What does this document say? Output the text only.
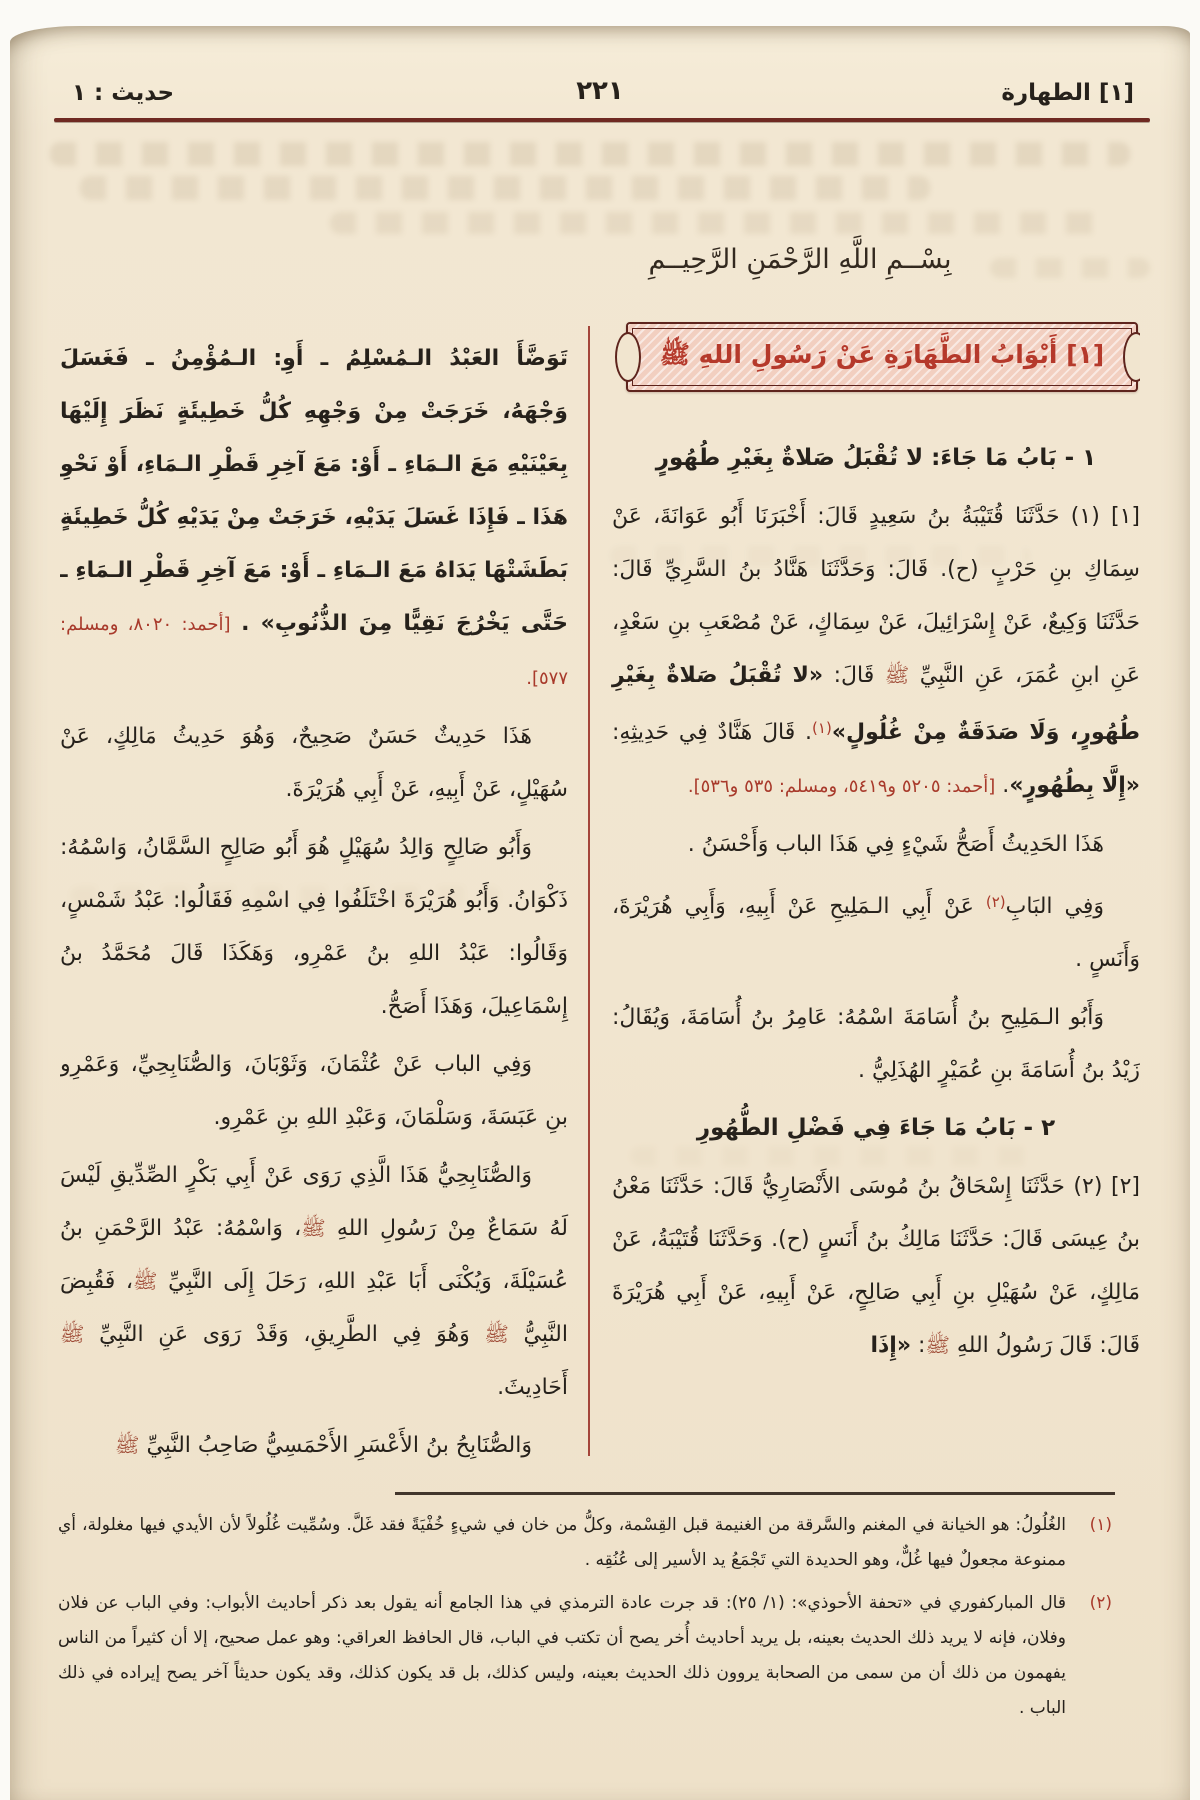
[١] الطهارة
٢٢١
حديث : ١
بِسْــمِ اللَّهِ الرَّحْمَنِ الرَّحِيــمِ
[١] أَبْوَابُ الطَّهَارَةِ عَنْ رَسُولِ اللهِ ﷺ
١ - بَابُ مَا جَاءَ: لا تُقْبَلُ صَلاةٌ بِغَيْرِ طُهُورٍ

[١] (١) حَدَّثَنَا قُتَيْبَةُ بنُ سَعِيدٍ قَالَ: أَخْبَرَنَا أَبُو عَوَانَةَ، عَنْ سِمَاكِ بنِ حَرْبٍ (ح). قَالَ: وَحَدَّثَنَا هَنَّادُ بنُ السَّرِيِّ قَالَ: حَدَّثَنَا وَكِيعٌ، عَنْ إِسْرَائِيلَ، عَنْ سِمَاكٍ، عَنْ مُصْعَبِ بنِ سَعْدٍ، عَنِ ابنِ عُمَرَ، عَنِ النَّبِيِّ ﷺ قَالَ: «لا تُقْبَلُ صَلاةٌ بِغَيْرِ طُهُورٍ، وَلَا صَدَقَةٌ مِنْ غُلُولٍ»$^{(١)}$. قَالَ هَنَّادٌ فِي حَدِيثِهِ: «إِلَّا بِطُهُورٍ». [أحمد: ٥٢٠٥ و٥٤١٩، ومسلم: ٥٣٥ و٥٣٦].

هَذَا الحَدِيثُ أَصَحُّ شَيْءٍ فِي هَذَا الباب وَأَحْسَنُ .

وَفِي البَابِ$^{(٢)}$ عَنْ أَبِي الـمَلِيحِ عَنْ أَبِيهِ، وَأَبِي هُرَيْرَةَ، وَأَنَسٍ .

وَأَبُو الـمَلِيحِ بنُ أُسَامَةَ اسْمُهُ: عَامِرُ بنُ أُسَامَةَ، وَيُقَالُ: زَيْدُ بنُ أُسَامَةَ بنِ عُمَيْرٍ الهُذَلِيُّ .

٢ - بَابُ مَا جَاءَ فِي فَضْلِ الطُّهُورِ

[٢] (٢) حَدَّثَنَا إِسْحَاقُ بنُ مُوسَى الأَنْصَارِيُّ قَالَ: حَدَّثَنَا مَعْنُ بنُ عِيسَى قَالَ: حَدَّثَنَا مَالِكُ بنُ أَنَسٍ (ح). وَحَدَّثَنَا قُتَيْبَةُ، عَنْ مَالِكٍ، عَنْ سُهَيْلِ بنِ أَبِي صَالِحٍ، عَنْ أَبِيهِ، عَنْ أَبِي هُرَيْرَةَ قَالَ: قَالَ رَسُولُ اللهِ ﷺ: «إِذَا

تَوَضَّأَ العَبْدُ الـمُسْلِمُ ـ أَوِ: الـمُؤْمِنُ ـ فَغَسَلَ وَجْهَهُ، خَرَجَتْ مِنْ وَجْهِهِ كُلُّ خَطِيئَةٍ نَظَرَ إِلَيْهَا بِعَيْنَيْهِ مَعَ الـمَاءِ ـ أَوْ: مَعَ آخِرِ قَطْرِ الـمَاءِ، أَوْ نَحْوِ هَذَا ـ فَإِذَا غَسَلَ يَدَيْهِ، خَرَجَتْ مِنْ يَدَيْهِ كُلُّ خَطِيئَةٍ بَطَشَتْهَا يَدَاهُ مَعَ الـمَاءِ ـ أَوْ: مَعَ آخِرِ قَطْرِ الـمَاءِ ـ حَتَّى يَخْرُجَ نَقِيًّا مِنَ الذُّنُوبِ» . [أحمد: ٨٠٢٠، ومسلم: ٥٧٧].

هَذَا حَدِيثٌ حَسَنٌ صَحِيحٌ، وَهُوَ حَدِيثُ مَالِكٍ، عَنْ سُهَيْلٍ، عَنْ أَبِيهِ، عَنْ أَبِي هُرَيْرَةَ.

وَأَبُو صَالِحٍ وَالِدُ سُهَيْلٍ هُوَ أَبُو صَالِحٍ السَّمَّانُ، وَاسْمُهُ: ذَكْوَانُ. وَأَبُو هُرَيْرَةَ اخْتَلَفُوا فِي اسْمِهِ فَقَالُوا: عَبْدُ شَمْسٍ، وَقَالُوا: عَبْدُ اللهِ بنُ عَمْرِو، وَهَكَذَا قَالَ مُحَمَّدُ بنُ إِسْمَاعِيلَ، وَهَذَا أَصَحُّ.

وَفِي الباب عَنْ عُثْمَانَ، وَثَوْبَانَ، وَالصُّنَابِحِيِّ، وَعَمْرِو بنِ عَبَسَةَ، وَسَلْمَانَ، وَعَبْدِ اللهِ بنِ عَمْرِو.

وَالصُّنَابِحِيُّ هَذَا الَّذِي رَوَى عَنْ أَبِي بَكْرٍ الصِّدِّيقِ لَيْسَ لَهُ سَمَاعٌ مِنْ رَسُولِ اللهِ ﷺ، وَاسْمُهُ: عَبْدُ الرَّحْمَنِ بنُ عُسَيْلَةَ، وَيُكْنَى أَبَا عَبْدِ اللهِ، رَحَلَ إِلَى النَّبِيِّ ﷺ، فَقُبِضَ النَّبِيُّ ﷺ وَهُوَ فِي الطَّرِيقِ، وَقَدْ رَوَى عَنِ النَّبِيِّ ﷺ أَحَادِيثَ.

وَالصُّنَابِحُ بنُ الأَعْسَرِ الأَحْمَسِيُّ صَاحِبُ النَّبِيِّ ﷺ

(١)
الغُلُولُ: هو الخيانة في المغنم والسَّرقة من الغنيمة قبل القِسْمة، وكلُّ من خان في شيءٍ خُفْيَةً فقد غَلَّ. وسُمِّيت غُلُولاً لأن الأيدي فيها مغلولة، أي ممنوعة مجعولٌ فيها غُلٌّ، وهو الحديدة التي تَجْمَعُ يد الأسير إلى عُنُقِه .
(٢)
قال المباركفوري في «تحفة الأحوذي»: (١/ ٢٥): قد جرت عادة الترمذي في هذا الجامع أنه يقول بعد ذكر أحاديث الأبواب: وفي الباب عن فلان وفلان، فإنه لا يريد ذلك الحديث بعينه، بل يريد أحاديث أُخر يصح أن تكتب في الباب، قال الحافظ العراقي: وهو عمل صحيح، إلا أن كثيراً من الناس يفهمون من ذلك أن من سمى من الصحابة يروون ذلك الحديث بعينه، وليس كذلك، بل قد يكون كذلك، وقد يكون حديثاً آخر يصح إيراده في ذلك الباب .
